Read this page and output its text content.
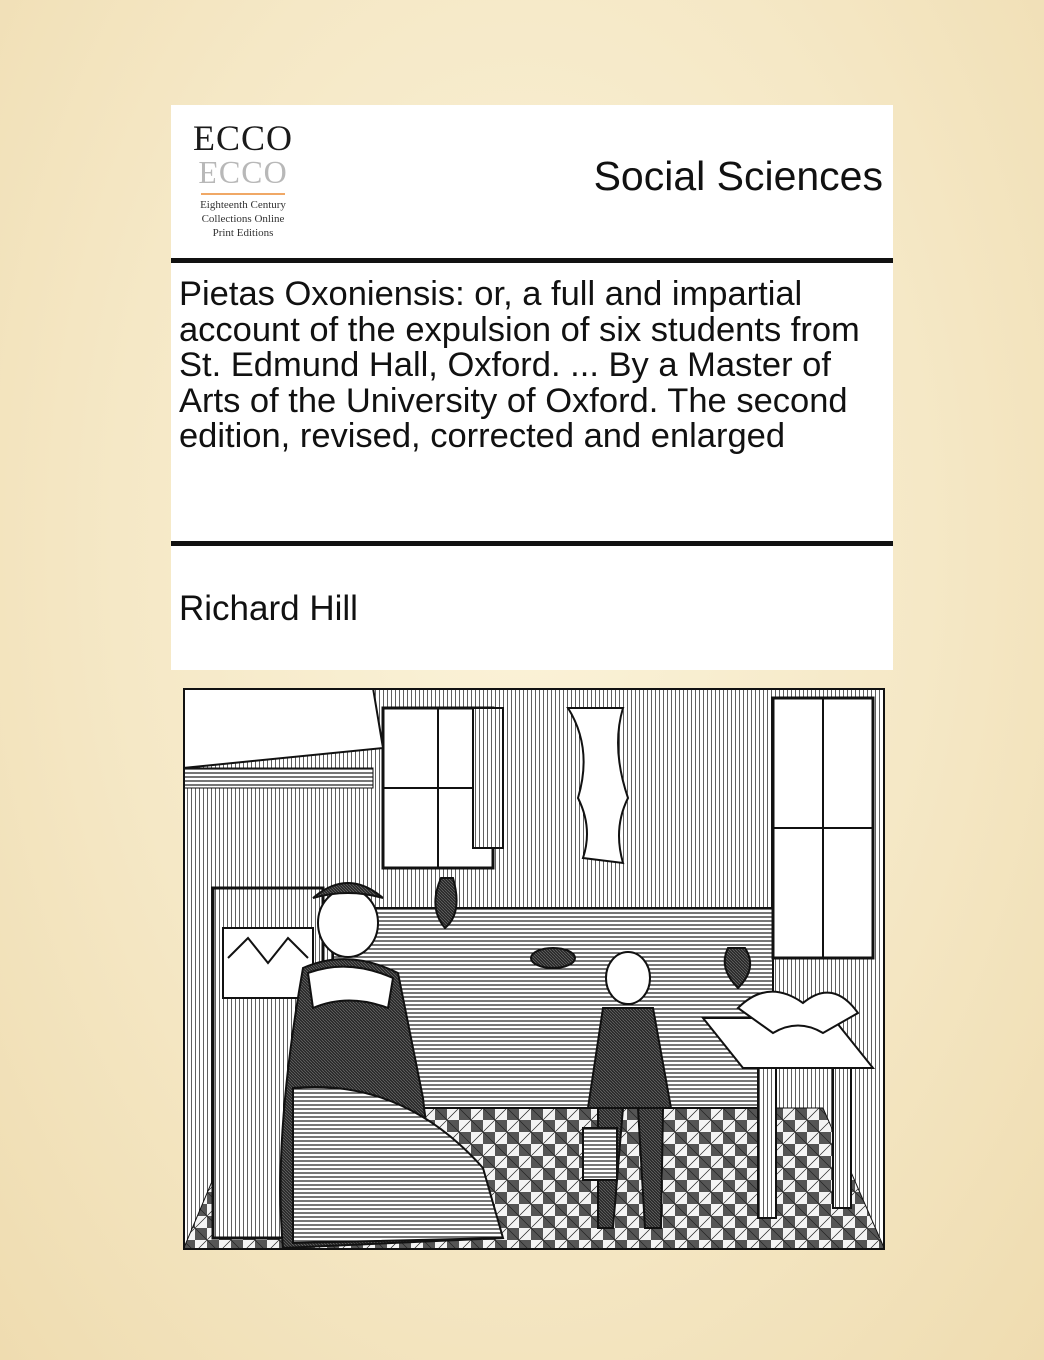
ECCO
ECCO
Eighteenth Century
Collections Online
Print Editions
Social Sciences
Pietas Oxoniensis: or, a full and impartial account of the expulsion of six students from St. Edmund Hall, Oxford. ... By a Master of Arts of the University of Oxford. The second edition, revised, corrected and enlarged
Richard Hill
